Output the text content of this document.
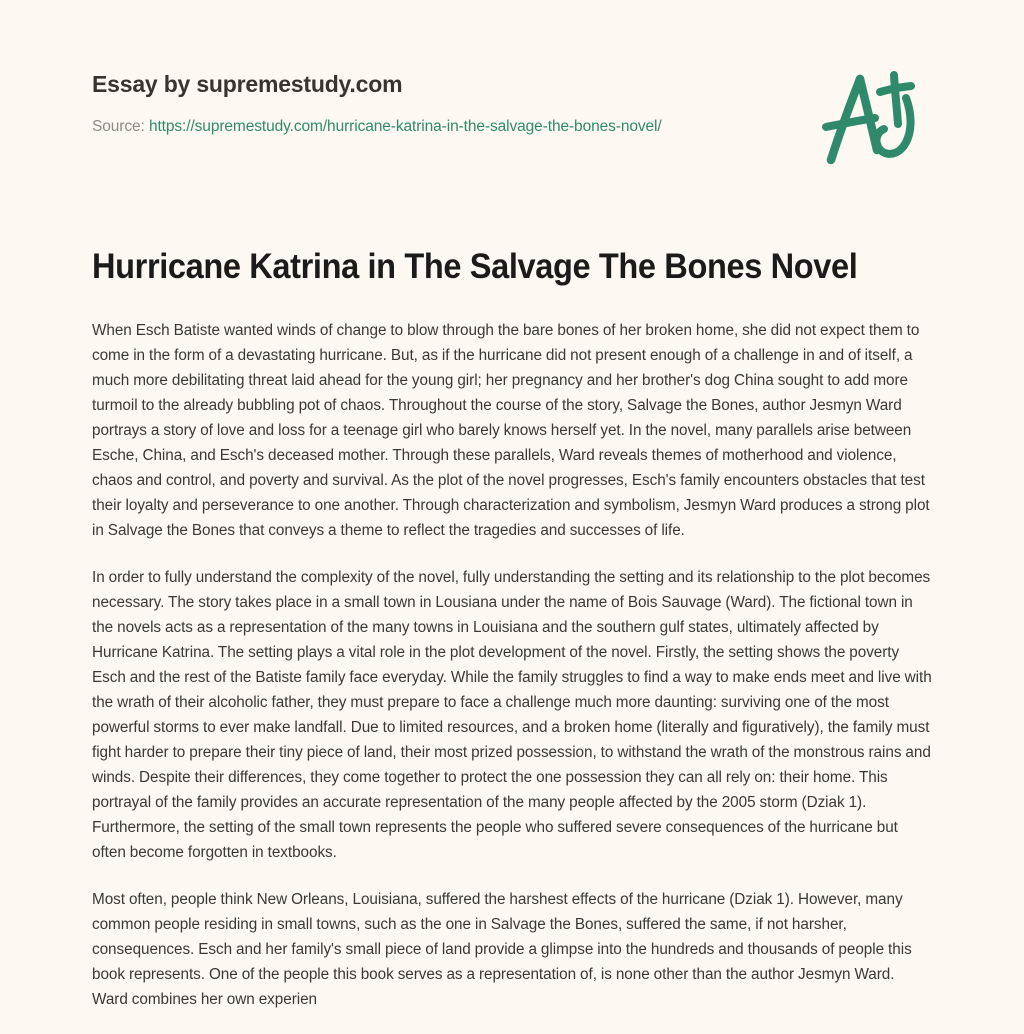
Essay by supremestudy.com
Source: https://supremestudy.com/hurricane-katrina-in-the-salvage-the-bones-novel/
Hurricane Katrina in The Salvage The Bones Novel

When Esch Batiste wanted winds of change to blow through the bare bones of her broken home, she did not expect them to come in the form of a devastating hurricane. But, as if the hurricane did not present enough of a challenge in and of itself, a much more debilitating threat laid ahead for the young girl; her pregnancy and her brother's dog China sought to add more turmoil to the already bubbling pot of chaos. Throughout the course of the story, Salvage the Bones, author Jesmyn Ward portrays a story of love and loss for a teenage girl who barely knows herself yet. In the novel, many parallels arise between Esche, China, and Esch's deceased mother. Through these parallels, Ward reveals themes of motherhood and violence, chaos and control, and poverty and survival. As the plot of the novel progresses, Esch's family encounters obstacles that test their loyalty and perseverance to one another. Through characterization and symbolism, Jesmyn Ward produces a strong plot in Salvage the Bones that conveys a theme to reflect the tragedies and successes of life.

In order to fully understand the complexity of the novel, fully understanding the setting and its relationship to the plot becomes necessary. The story takes place in a small town in Lousiana under the name of Bois Sauvage (Ward). The fictional town in the novels acts as a representation of the many towns in Louisiana and the southern gulf states, ultimately affected by Hurricane Katrina. The setting plays a vital role in the plot development of the novel. Firstly, the setting shows the poverty Esch and the rest of the Batiste family face everyday. While the family struggles to find a way to make ends meet and live with the wrath of their alcoholic father, they must prepare to face a challenge much more daunting: surviving one of the most powerful storms to ever make landfall. Due to limited resources, and a broken home (literally and figuratively), the family must fight harder to prepare their tiny piece of land, their most prized possession, to withstand the wrath of the monstrous rains and winds. Despite their differences, they come together to protect the one possession they can all rely on: their home. This portrayal of the family provides an accurate representation of the many people affected by the 2005 storm (Dziak 1). Furthermore, the setting of the small town represents the people who suffered severe consequences of the hurricane but often become forgotten in textbooks.

Most often, people think New Orleans, Louisiana, suffered the harshest effects of the hurricane (Dziak 1). However, many common people residing in small towns, such as the one in Salvage the Bones, suffered the same, if not harsher, consequences. Esch and her family's small piece of land provide a glimpse into the hundreds and thousands of people this book represents. One of the people this book serves as a representation of, is none other than the author Jesmyn Ward. Ward combines her own experien
